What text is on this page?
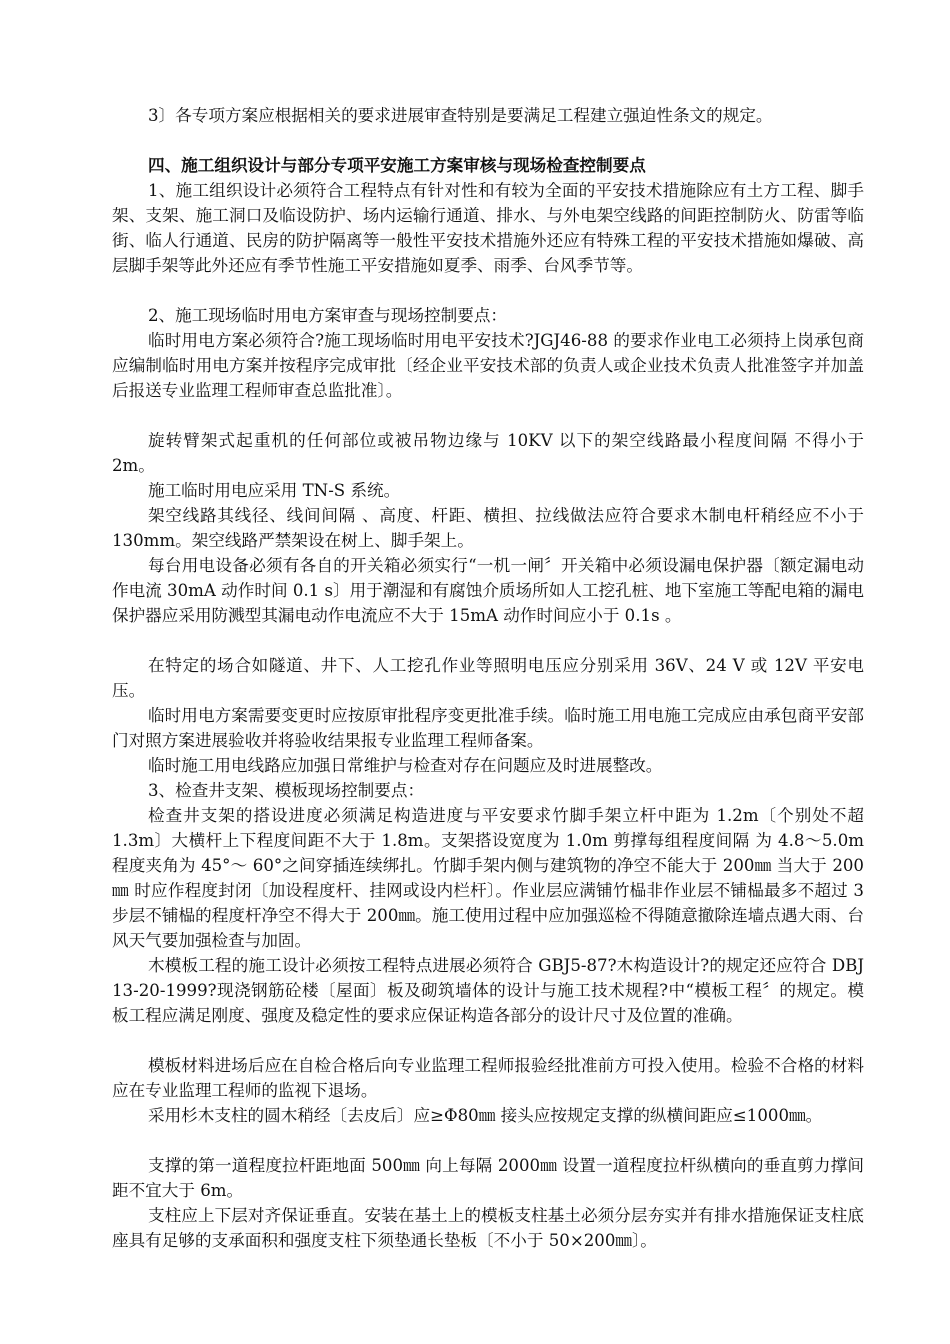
3〕各专项方案应根据相关的要求进展审查特别是要满足工程建立强迫性条文的规定。

四、施工组织设计与部分专项平安施工方案审核与现场检查控制要点

1、施工组织设计必须符合工程特点有针对性和有较为全面的平安技术措施除应有土方工程、脚手架、支架、施工洞口及临设防护、场内运输行通道、排水、与外电架空线路的间距控制防火、防雷等临街、临人行通道、民房的防护隔离等一般性平安技术措施外还应有特殊工程的平安技术措施如爆破、高层脚手架等此外还应有季节性施工平安措施如夏季、雨季、台风季节等。

2、施工现场临时用电方案审查与现场控制要点：

临时用电方案必须符合?施工现场临时用电平安技术?JGJ46-88 的要求作业电工必须持上岗承包商应编制临时用电方案并按程序完成审批〔经企业平安技术部的负责人或企业技术负责人批准签字并加盖后报送专业监理工程师审查总监批准〕。

旋转臂架式起重机的任何部位或被吊物边缘与 10KV 以下的架空线路最小程度间隔 不得小于 2m。

施工临时用电应采用 TN-S 系统。

架空线路其线径、线间间隔 、高度、杆距、横担、拉线做法应符合要求木制电杆稍经应不小于 130mm。架空线路严禁架设在树上、脚手架上。

每台用电设备必须有各自的开关箱必须实行“一机一闸〞开关箱中必须设漏电保护器〔额定漏电动作电流 30mA 动作时间 0.1 s〕用于潮湿和有腐蚀介质场所如人工挖孔桩、地下室施工等配电箱的漏电保护器应采用防溅型其漏电动作电流应不大于 15mA 动作时间应小于 0.1s 。

在特定的场合如隧道、井下、人工挖孔作业等照明电压应分别采用 36V、24 V 或 12V 平安电压。

临时用电方案需要变更时应按原审批程序变更批准手续。临时施工用电施工完成应由承包商平安部门对照方案进展验收并将验收结果报专业监理工程师备案。

临时施工用电线路应加强日常维护与检查对存在问题应及时进展整改。

3、检查井支架、模板现场控制要点：

检查井支架的搭设进度必须满足构造进度与平安要求竹脚手架立杆中距为 1.2m〔个别处不超 1.3m〕大横杆上下程度间距不大于 1.8m。支架搭设宽度为 1.0m 剪撑每组程度间隔 为 4.8～5.0m 程度夹角为 45°～ 60°之间穿插连续绑扎。竹脚手架内侧与建筑物的净空不能大于 200㎜ 当大于 200㎜ 时应作程度封闭〔加设程度杆、挂网或设内栏杆〕。作业层应满铺竹榀非作业层不铺榀最多不超过 3 步层不铺榀的程度杆净空不得大于 200㎜。施工使用过程中应加强巡检不得随意撤除连墙点遇大雨、台风天气要加强检查与加固。

木模板工程的施工设计必须按工程特点进展必须符合 GBJ5-87?木构造设计?的规定还应符合 DBJ 13-20-1999?现浇钢筋砼楼〔屋面〕板及砌筑墙体的设计与施工技术规程?中“模板工程〞的规定。模板工程应满足刚度、强度及稳定性的要求应保证构造各部分的设计尺寸及位置的准确。

模板材料进场后应在自检合格后向专业监理工程师报验经批准前方可投入使用。检验不合格的材料应在专业监理工程师的监视下退场。

采用杉木支柱的圆木稍经〔去皮后〕应≥Φ80㎜ 接头应按规定支撑的纵横间距应≤1000㎜。

支撑的第一道程度拉杆距地面 500㎜ 向上每隔 2000㎜ 设置一道程度拉杆纵横向的垂直剪力撑间距不宜大于 6m。

支柱应上下层对齐保证垂直。安装在基土上的模板支柱基土必须分层夯实并有排水措施保证支柱底座具有足够的支承面积和强度支柱下须垫通长垫板〔不小于 50×200㎜〕。
